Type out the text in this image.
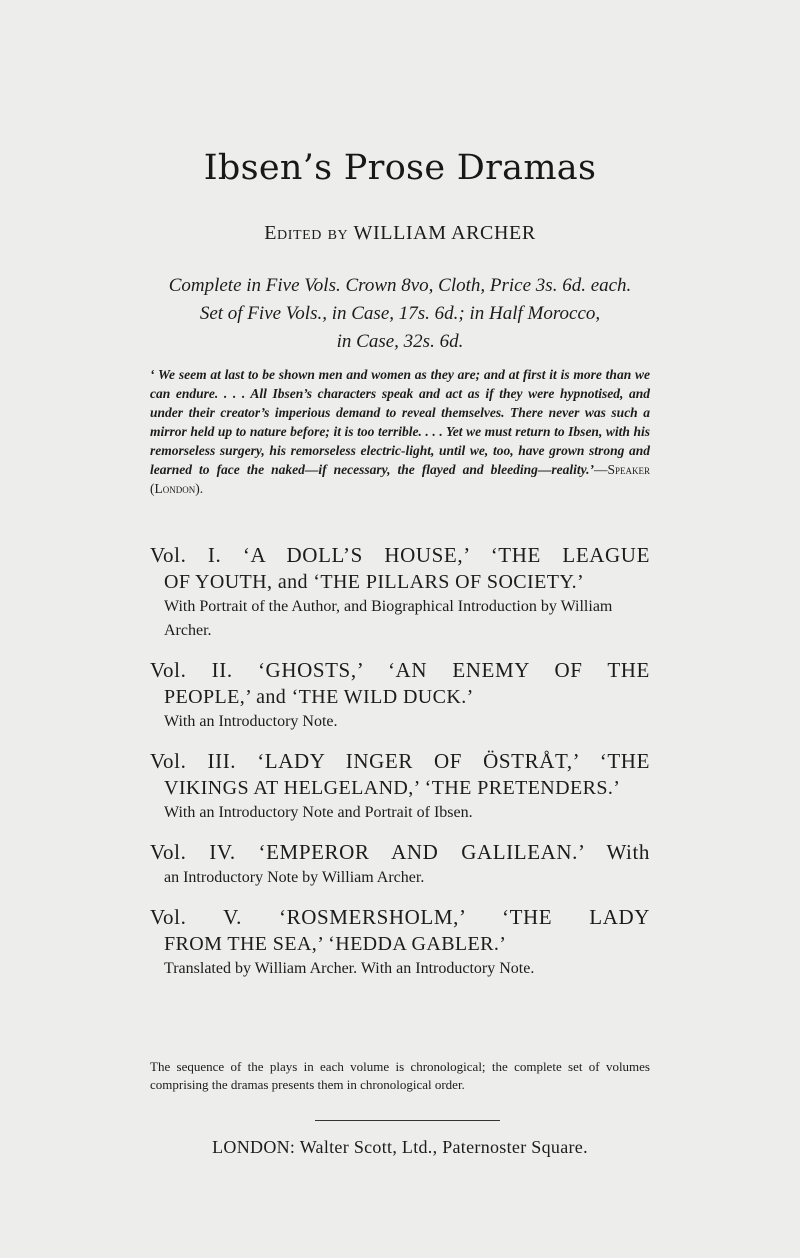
Ibsen’s Prose Dramas
Edited by WILLIAM ARCHER
Complete in Five Vols. Crown 8vo, Cloth, Price 3s. 6d. each.
Set of Five Vols., in Case, 17s. 6d.; in Half Morocco,
in Case, 32s. 6d.
‘ We seem at last to be shown men and women as they are; and at first it is more than we can endure. . . . All Ibsen’s characters speak and act as if they were hypnotised, and under their creator’s imperious demand to reveal themselves. There never was such a mirror held up to nature before; it is too terrible. . . . Yet we must return to Ibsen, with his remorseless surgery, his remorseless electric-light, until we, too, have grown strong and learned to face the naked—if necessary, the flayed and bleeding—reality.’—Speaker (London).
Vol. I. ‘A DOLL’S HOUSE,’ ‘THE LEAGUE
OF YOUTH, and ‘THE PILLARS OF SOCIETY.’
With Portrait of the Author, and Biographical Introduction by William Archer.
Vol. II. ‘GHOSTS,’ ‘AN ENEMY OF THE
PEOPLE,’ and ‘THE WILD DUCK.’
With an Introductory Note.
Vol. III. ‘LADY INGER OF ÖSTRÅT,’ ‘THE
VIKINGS AT HELGELAND,’ ‘THE PRETENDERS.’
With an Introductory Note and Portrait of Ibsen.
Vol. IV. ‘EMPEROR AND GALILEAN.’ With
an Introductory Note by William Archer.
Vol. V. ‘ROSMERSHOLM,’ ‘THE LADY
FROM THE SEA,’ ‘HEDDA GABLER.’
Translated by William Archer. With an Introductory Note.
The sequence of the plays in each volume is chronological; the complete set of volumes comprising the dramas presents them in chronological order.
LONDON: Walter Scott, Ltd., Paternoster Square.
